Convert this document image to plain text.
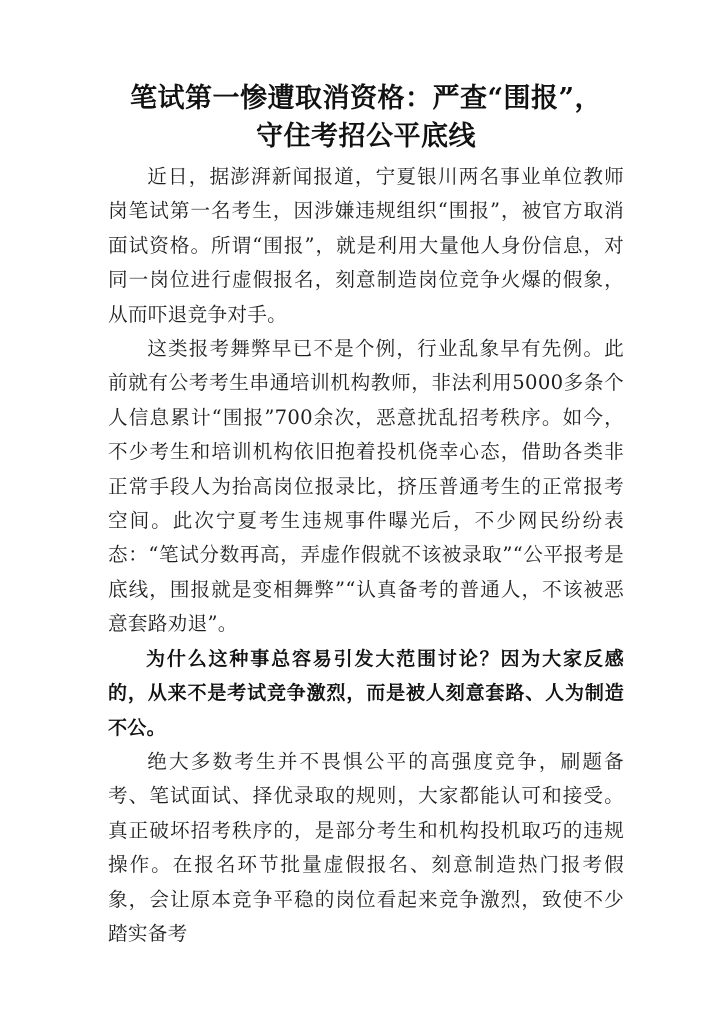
笔试第一惨遭取消资格：严查“围报”，
守住考招公平底线

近日，据澎湃新闻报道，宁夏银川两名事业单位教师岗笔试第一名考生，因涉嫌违规组织“围报”，被官方取消面试资格。所谓“围报”，就是利用大量他人身份信息，对同一岗位进行虚假报名，刻意制造岗位竞争火爆的假象，从而吓退竞争对手。

这类报考舞弊早已不是个例，行业乱象早有先例。此前就有公考考生串通培训机构教师，非法利用5000多条个人信息累计“围报”700余次，恶意扰乱招考秩序。如今，不少考生和培训机构依旧抱着投机侥幸心态，借助各类非正常手段人为抬高岗位报录比，挤压普通考生的正常报考空间。此次宁夏考生违规事件曝光后，不少网民纷纷表态：“笔试分数再高，弄虚作假就不该被录取”“公平报考是底线，围报就是变相舞弊”“认真备考的普通人，不该被恶意套路劝退”。

为什么这种事总容易引发大范围讨论？因为大家反感的，从来不是考试竞争激烈，而是被人刻意套路、人为制造不公。

绝大多数考生并不畏惧公平的高强度竞争，刷题备考、笔试面试、择优录取的规则，大家都能认可和接受。真正破坏招考秩序的，是部分考生和机构投机取巧的违规操作。在报名环节批量虚假报名、刻意制造热门报考假象，会让原本竞争平稳的岗位看起来竞争激烈，致使不少踏实备考
